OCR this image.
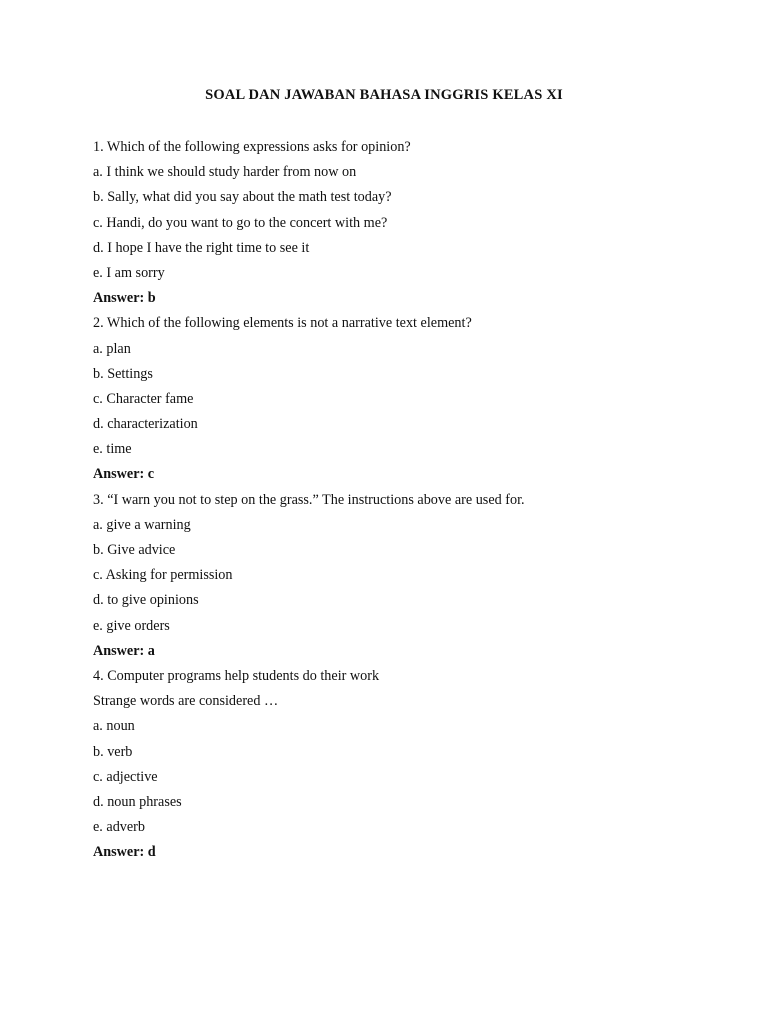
SOAL DAN JAWABAN BAHASA INGGRIS KELAS XI
1. Which of the following expressions asks for opinion?
a. I think we should study harder from now on
b. Sally, what did you say about the math test today?
c. Handi, do you want to go to the concert with me?
d. I hope I have the right time to see it
e. I am sorry
Answer: b
2. Which of the following elements is not a narrative text element?
a. plan
b. Settings
c. Character fame
d. characterization
e. time
Answer: c
3. “I warn you not to step on the grass.” The instructions above are used for.
a. give a warning
b. Give advice
c. Asking for permission
d. to give opinions
e. give orders
Answer: a
4. Computer programs help students do their work
Strange words are considered …
a. noun
b. verb
c. adjective
d. noun phrases
e. adverb
Answer: d
